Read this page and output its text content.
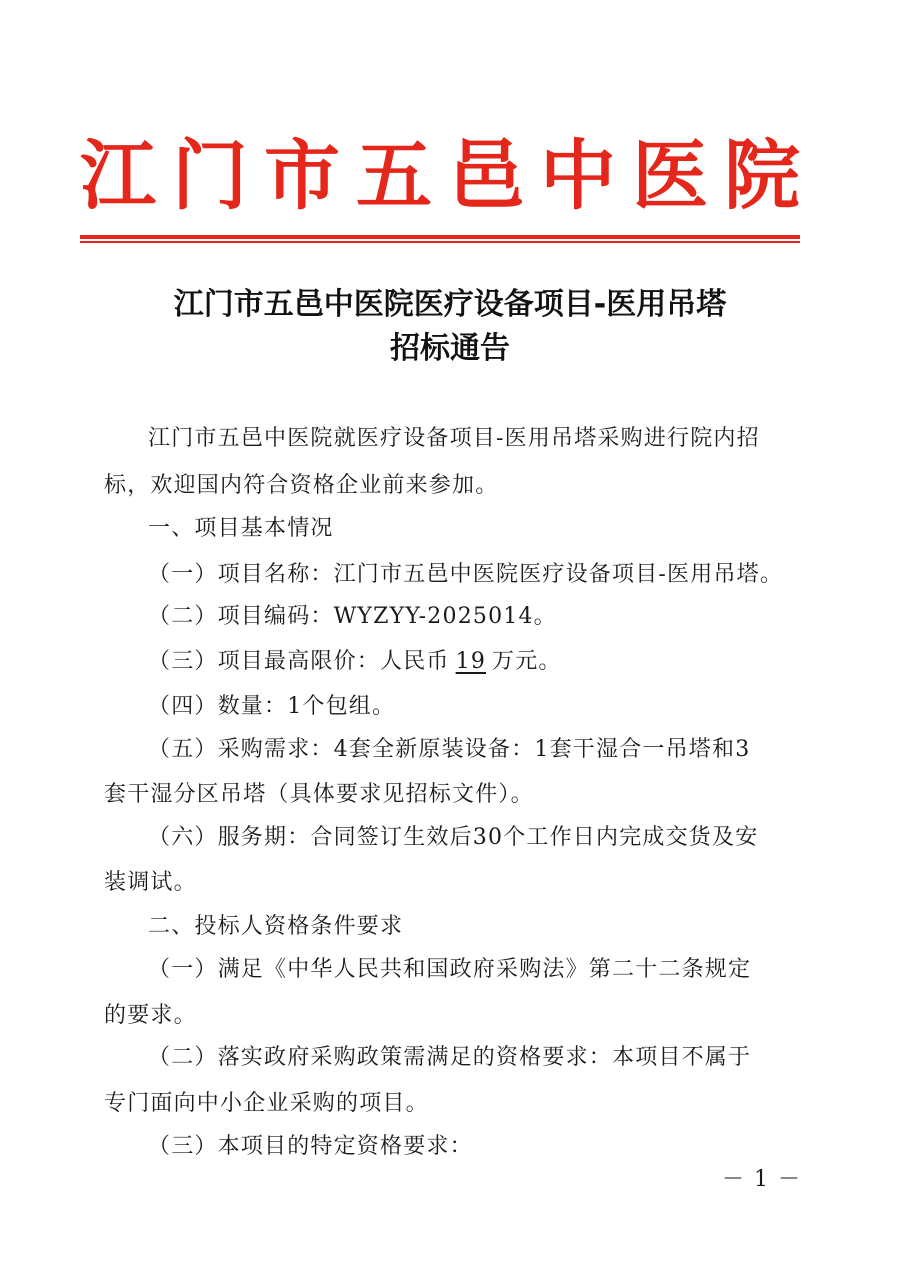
江 门 市 五 邑 中 医 院
江门市五邑中医院医疗设备项目-医用吊塔
招标通告
江门市五邑中医院就医疗设备项目-医用吊塔采购进行院内招
标，欢迎国内符合资格企业前来参加。
一、项目基本情况
（一）项目名称：江门市五邑中医院医疗设备项目-医用吊塔。
（二）项目编码：WYZYY-2025014。
（三）项目最高限价：人民币 19 万元。
（四）数量：1个包组。
（五）采购需求：4套全新原装设备：1套干湿合一吊塔和3
套干湿分区吊塔（具体要求见招标文件）。
（六）服务期：合同签订生效后30个工作日内完成交货及安
装调试。
二、投标人资格条件要求
（一）满足《中华人民共和国政府采购法》第二十二条规定
的要求。
（二）落实政府采购政策需满足的资格要求：本项目不属于
专门面向中小企业采购的项目。
（三）本项目的特定资格要求：
－1－
